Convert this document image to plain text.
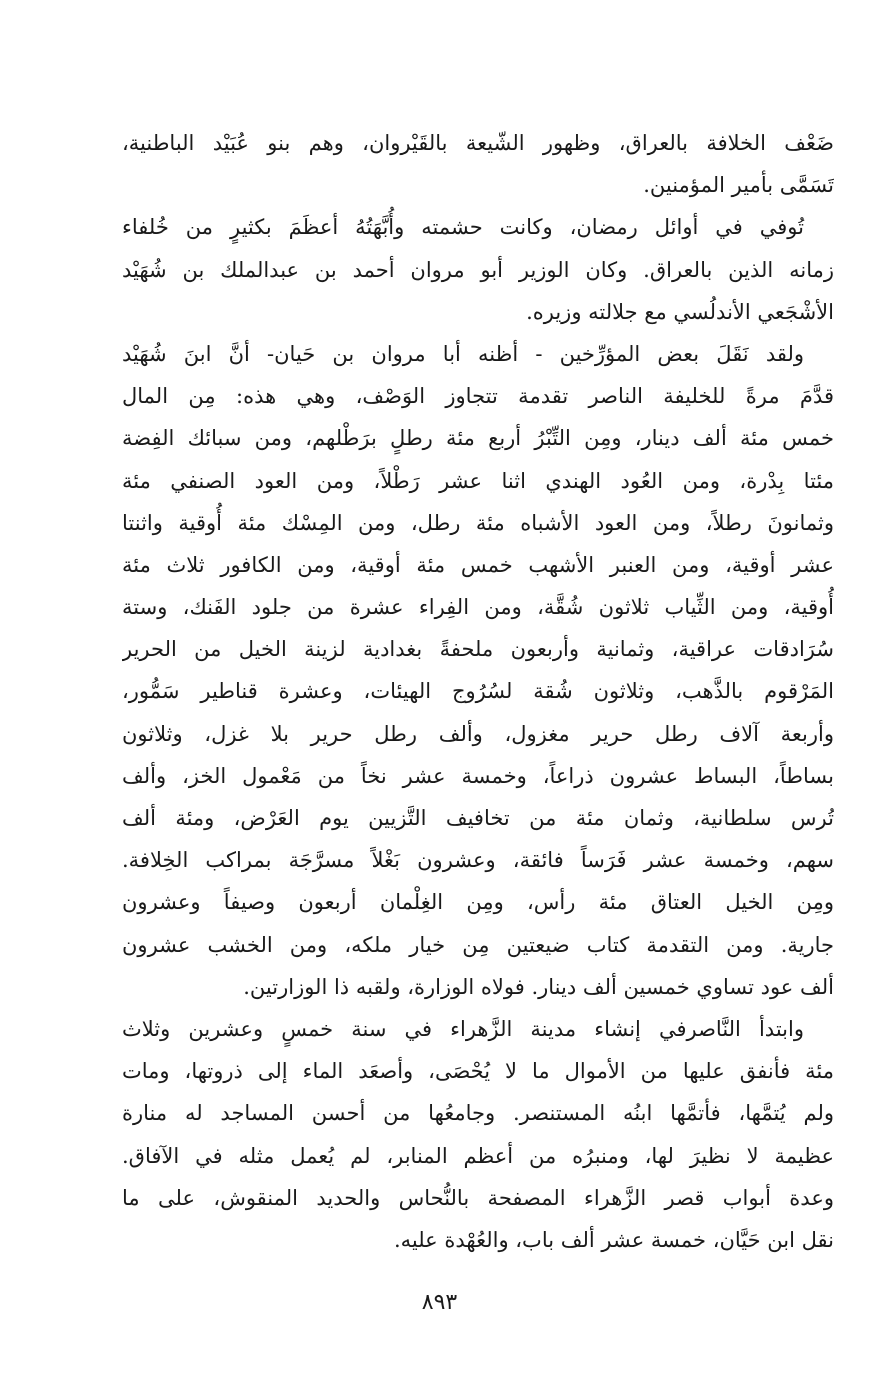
ضَعْف الخلافة بالعراق، وظهور الشّيعة بالقَيْروان، وهم بنو عُبَيْد الباطنية،
تَسَمَّى بأمير المؤمنين.
تُوفي في أوائل رمضان، وكانت حشمته وأُبَّهَتُهُ أعظَمَ بكثيرٍ من خُلفاء
زمانه الذين بالعراق. وكان الوزير أبو مروان أحمد بن عبدالملك بن شُهَيْد
الأشْجَعي الأندلُسي مع جلالته وزيره.
ولقد نَقَلَ بعض المؤرِّخين - أظنه أبا مروان بن حَيان- أنَّ ابنَ شُهَيْد
قدَّمَ مرةً للخليفة الناصر تقدمة تتجاوز الوَصْف، وهي هذه: مِن المال
خمس مئة ألف دينار، ومِن التِّبْرُ أربع مئة رطلٍ برَطْلهم، ومن سبائك الفِضة
مئتا بِدْرة، ومن العُود الهندي اثنا عشر رَطْلاً، ومن العود الصنفي مئة
وثمانونَ رطلاً، ومن العود الأشباه مئة رطل، ومن المِسْك مئة أُوقية واثنتا
عشر أوقية، ومن العنبر الأشهب خمس مئة أوقية، ومن الكافور ثلاث مئة
أُوقية، ومن الثِّياب ثلاثون شُقَّة، ومن الفِراء عشرة من جلود الفَنك، وستة
سُرَادقات عراقية، وثمانية وأربعون ملحفةً بغدادية لزينة الخيل من الحرير
المَرْقوم بالذَّهب، وثلاثون شُقة لسُرُوج الهيئات، وعشرة قناطير سَمُّور،
وأربعة آلاف رطل حرير مغزول، وألف رطل حرير بلا غزل، وثلاثون
بساطاً، البساط عشرون ذراعاً، وخمسة عشر نخاً من مَعْمول الخز، وألف
تُرس سلطانية، وثمان مئة من تخافيف التَّزيين يوم العَرْض، ومئة ألف
سهم، وخمسة عشر فَرَساً فائقة، وعشرون بَغْلاً مسرَّجَة بمراكب الخِلافة.
ومِن الخيل العتاق مئة رأس، ومِن الغِلْمان أربعون وصيفاً وعشرون
جارية. ومن التقدمة كتاب ضيعتين مِن خيار ملكه، ومن الخشب عشرون
ألف عود تساوي خمسين ألف دينار. فولاه الوزارة، ولقبه ذا الوزارتين.
وابتدأ النَّاصرفي إنشاء مدينة الزَّهراء في سنة خمسٍ وعشرين وثلاث
مئة فأنفق عليها من الأموال ما لا يُحْصَى، وأصعَد الماء إلى ذروتها، ومات
ولم يُتمَّها، فأتمَّها ابنُه المستنصر. وجامعُها من أحسن المساجد له منارة
عظيمة لا نظيرَ لها، ومنبرُه من أعظم المنابر، لم يُعمل مثله في الآفاق.
وعدة أبواب قصر الزَّهراء المصفحة بالنُّحاس والحديد المنقوش، على ما
نقل ابن حَيَّان، خمسة عشر ألف باب، والعُهْدة عليه.
٨٩٣
